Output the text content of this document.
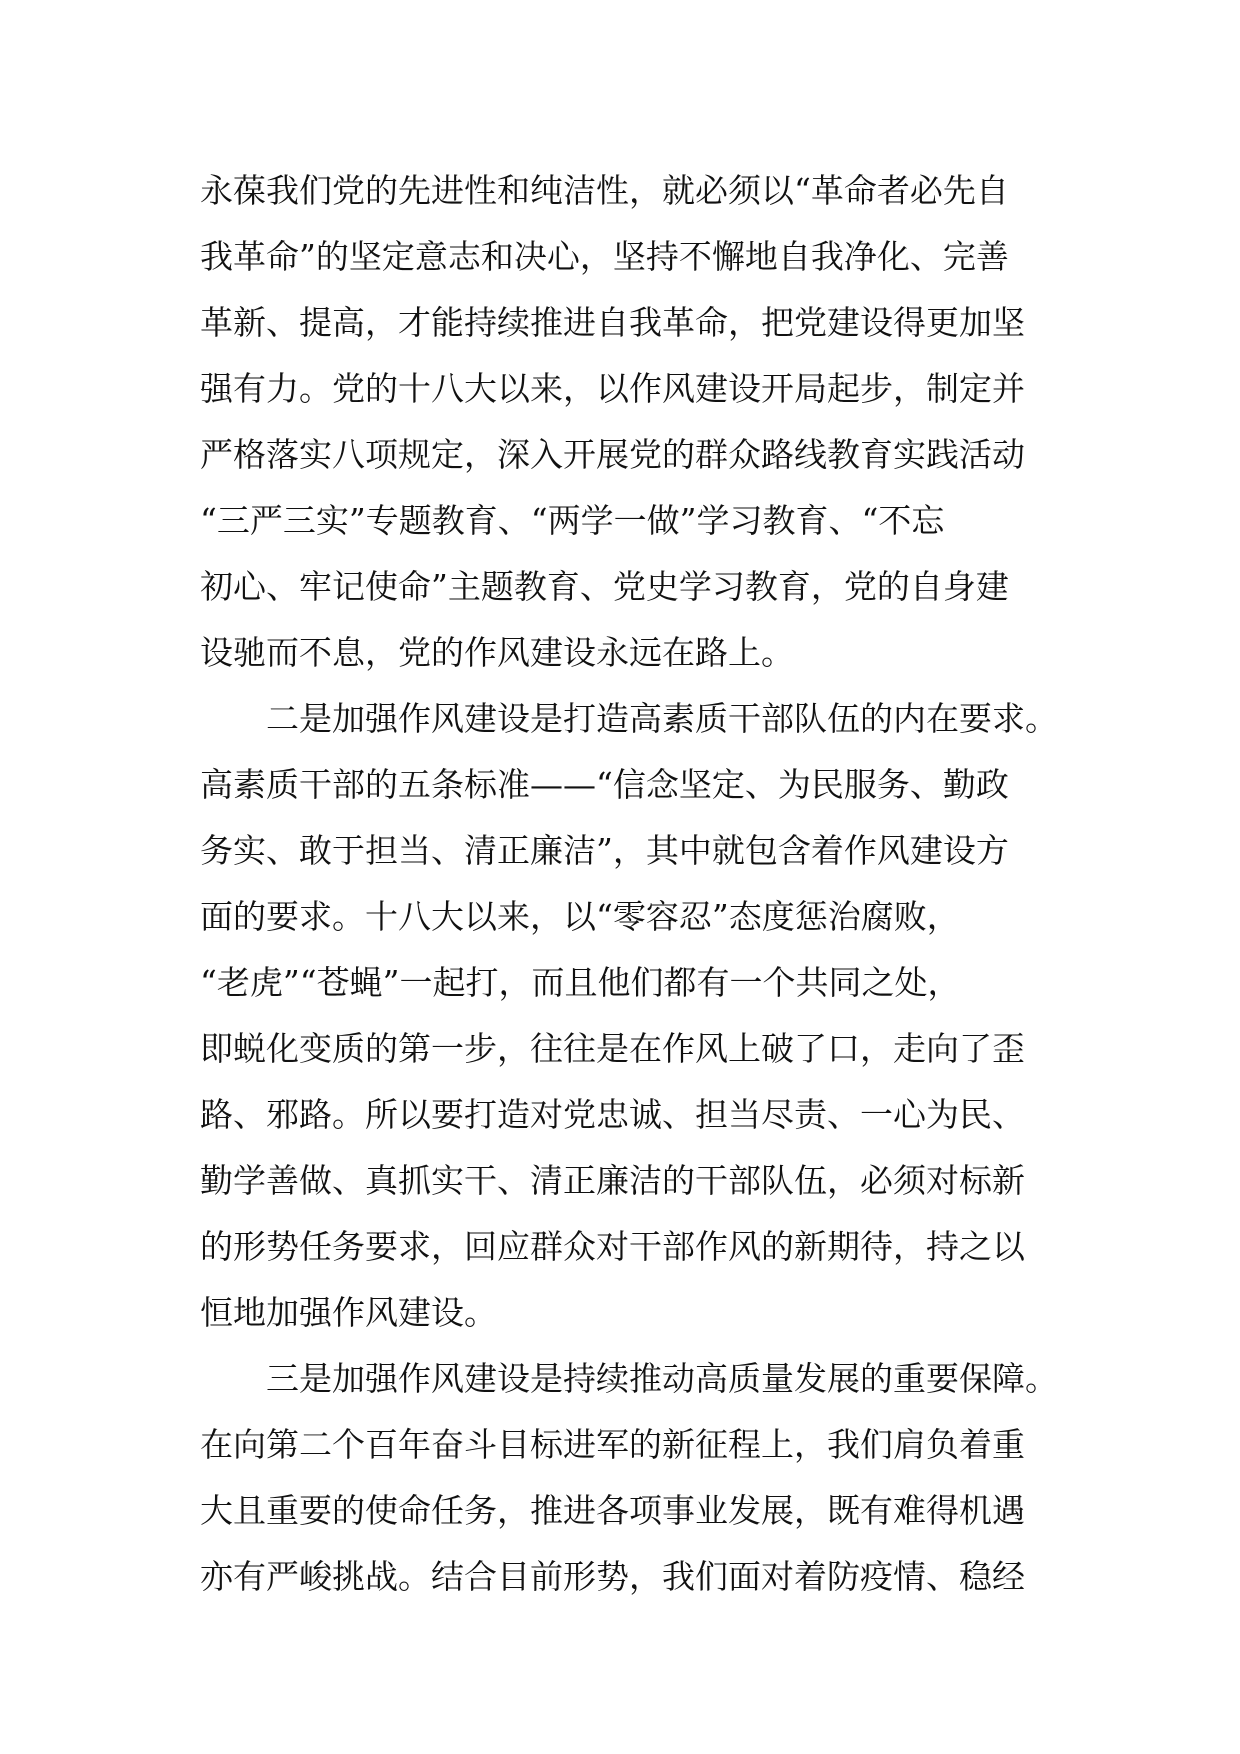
永葆我们党的先进性和纯洁性，就必须以“革命者必先自
我革命”的坚定意志和决心，坚持不懈地自我净化、完善
革新、提高，才能持续推进自我革命，把党建设得更加坚
强有力。党的十八大以来，以作风建设开局起步，制定并
严格落实八项规定，深入开展党的群众路线教育实践活动
“三严三实”专题教育、“两学一做”学习教育、“不忘
初心、牢记使命”主题教育、党史学习教育，党的自身建
设驰而不息，党的作风建设永远在路上。
二是加强作风建设是打造高素质干部队伍的内在要求。
高素质干部的五条标准——“信念坚定、为民服务、勤政
务实、敢于担当、清正廉洁”，其中就包含着作风建设方
面的要求。十八大以来，以“零容忍”态度惩治腐败，
“老虎”“苍蝇”一起打，而且他们都有一个共同之处，
即蜕化变质的第一步，往往是在作风上破了口，走向了歪
路、邪路。所以要打造对党忠诚、担当尽责、一心为民、
勤学善做、真抓实干、清正廉洁的干部队伍，必须对标新
的形势任务要求，回应群众对干部作风的新期待，持之以
恒地加强作风建设。
三是加强作风建设是持续推动高质量发展的重要保障。
在向第二个百年奋斗目标进军的新征程上，我们肩负着重
大且重要的使命任务，推进各项事业发展，既有难得机遇
亦有严峻挑战。结合目前形势，我们面对着防疫情、稳经
